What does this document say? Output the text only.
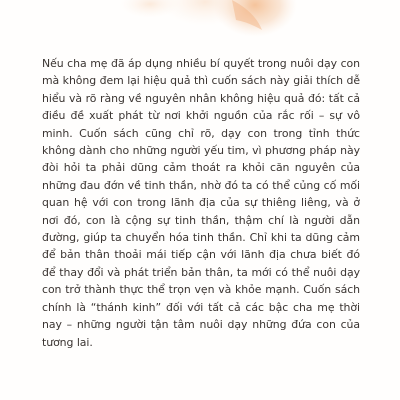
Nếu cha mẹ đã áp dụng nhiều bí quyết trong nuôi dạy con mà không đem lại hiệu quả thì cuốn sách này giải thích dễ hiểu và rõ ràng về nguyên nhân không hiệu quả đó: tất cả điều đề xuất phát từ nơi khởi nguồn của rắc rối – sự vô minh. Cuốn sách cũng chỉ rõ, dạy con trong tỉnh thức không dành cho những người yếu tim, vì phương pháp này đòi hỏi ta phải dũng cảm thoát ra khỏi căn nguyên của những đau đớn về tinh thần, nhờ đó ta có thể củng cố mối quan hệ với con trong lãnh địa của sự thiêng liêng, và ở nơi đó, con là cộng sự tinh thần, thậm chí là người dẫn đường, giúp ta chuyển hóa tinh thần. Chỉ khi ta dũng cảm để bản thân thoải mái tiếp cận với lãnh địa chưa biết đó để thay đổi và phát triển bản thân, ta mới có thể nuôi dạy con trở thành thực thể trọn vẹn và khỏe mạnh. Cuốn sách chính là “thánh kinh” đối với tất cả các bậc cha mẹ thời nay – những người tận tâm nuôi dạy những đứa con của tương lai.
